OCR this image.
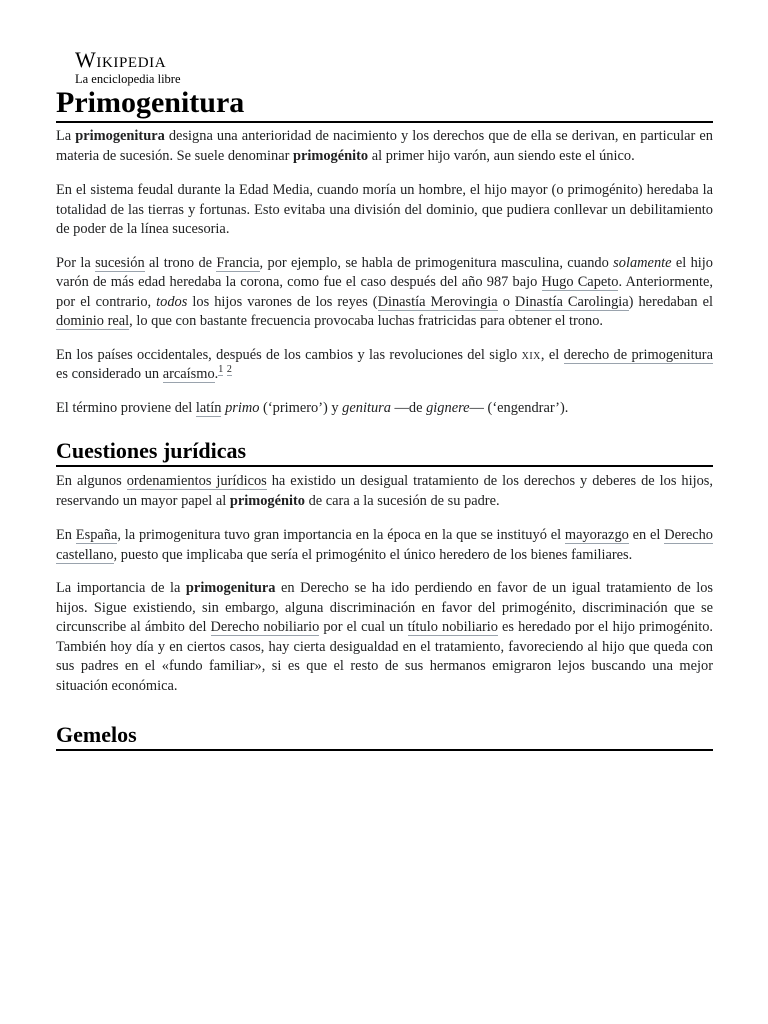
Wikipedia
La enciclopedia libre
Primogenitura

La primogenitura designa una anterioridad de nacimiento y los derechos que de ella se derivan, en particular en materia de sucesión. Se suele denominar primogénito al primer hijo varón, aun siendo este el único.

En el sistema feudal durante la Edad Media, cuando moría un hombre, el hijo mayor (o primogénito) heredaba la totalidad de las tierras y fortunas. Esto evitaba una división del dominio, que pudiera conllevar un debilitamiento de poder de la línea sucesoria.

Por la sucesión al trono de Francia, por ejemplo, se habla de primogenitura masculina, cuando solamente el hijo varón de más edad heredaba la corona, como fue el caso después del año 987 bajo Hugo Capeto. Anteriormente, por el contrario, todos los hijos varones de los reyes (Dinastía Merovingia o Dinastía Carolingia) heredaban el dominio real, lo que con bastante frecuencia provocaba luchas fratricidas para obtener el trono.

En los países occidentales, después de los cambios y las revoluciones del siglo xix, el derecho de primogenitura es considerado un arcaísmo.$^1$ $^2$

El término proviene del latín primo (‘primero’) y genitura —de gignere— (‘engendrar’).

Cuestiones jurídicas

En algunos ordenamientos jurídicos ha existido un desigual tratamiento de los derechos y deberes de los hijos, reservando un mayor papel al primogénito de cara a la sucesión de su padre.

En España, la primogenitura tuvo gran importancia en la época en la que se instituyó el mayorazgo en el Derecho castellano, puesto que implicaba que sería el primogénito el único heredero de los bienes familiares.

La importancia de la primogenitura en Derecho se ha ido perdiendo en favor de un igual tratamiento de los hijos. Sigue existiendo, sin embargo, alguna discriminación en favor del primogénito, discriminación que se circunscribe al ámbito del Derecho nobiliario por el cual un título nobiliario es heredado por el hijo primogénito. También hoy día y en ciertos casos, hay cierta desigualdad en el tratamiento, favoreciendo al hijo que queda con sus padres en el «fundo familiar», si es que el resto de sus hermanos emigraron lejos buscando una mejor situación económica.

Gemelos
